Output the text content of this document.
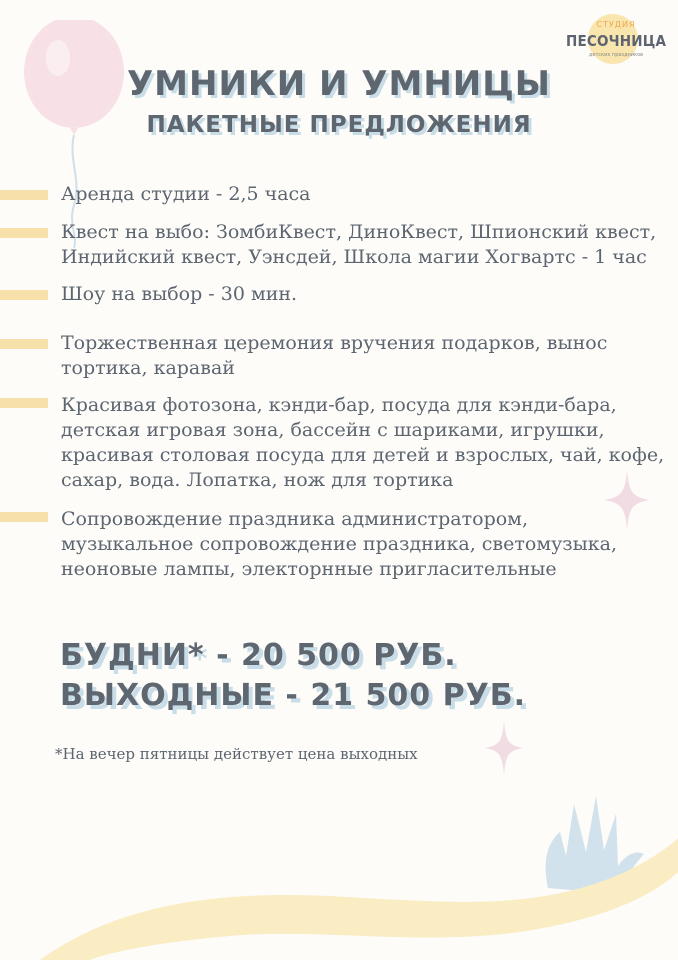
СТУДИЯ
ПЕСОЧНИЦА
детских праздников
УМНИКИ И УМНИЦЫ
ПАКЕТНЫЕ ПРЕДЛОЖЕНИЯ
Аренда студии - 2,5 часа
Квест на выбо: ЗомбиКвест, ДиноКвест, Шпионский квест, Индийский квест, Уэнсдей, Школа магии Хогвартс - 1 час
Шоу на выбор - 30 мин.
Торжественная церемония вручения подарков, вынос тортика, каравай
Красивая фотозона, кэнди-бар, посуда для кэнди-бара, детская игровая зона, бассейн с шариками, игрушки, красивая столовая посуда для детей и взрослых, чай, кофе, сахар, вода. Лопатка, нож для тортика
Сопровождение праздника администратором, музыкальное сопровождение праздника, светомузыка, неоновые лампы, электорнные пригласительные
БУДНИ* - 20 500 РУБ.
ВЫХОДНЫЕ - 21 500 РУБ.
*На вечер пятницы действует цена выходных
